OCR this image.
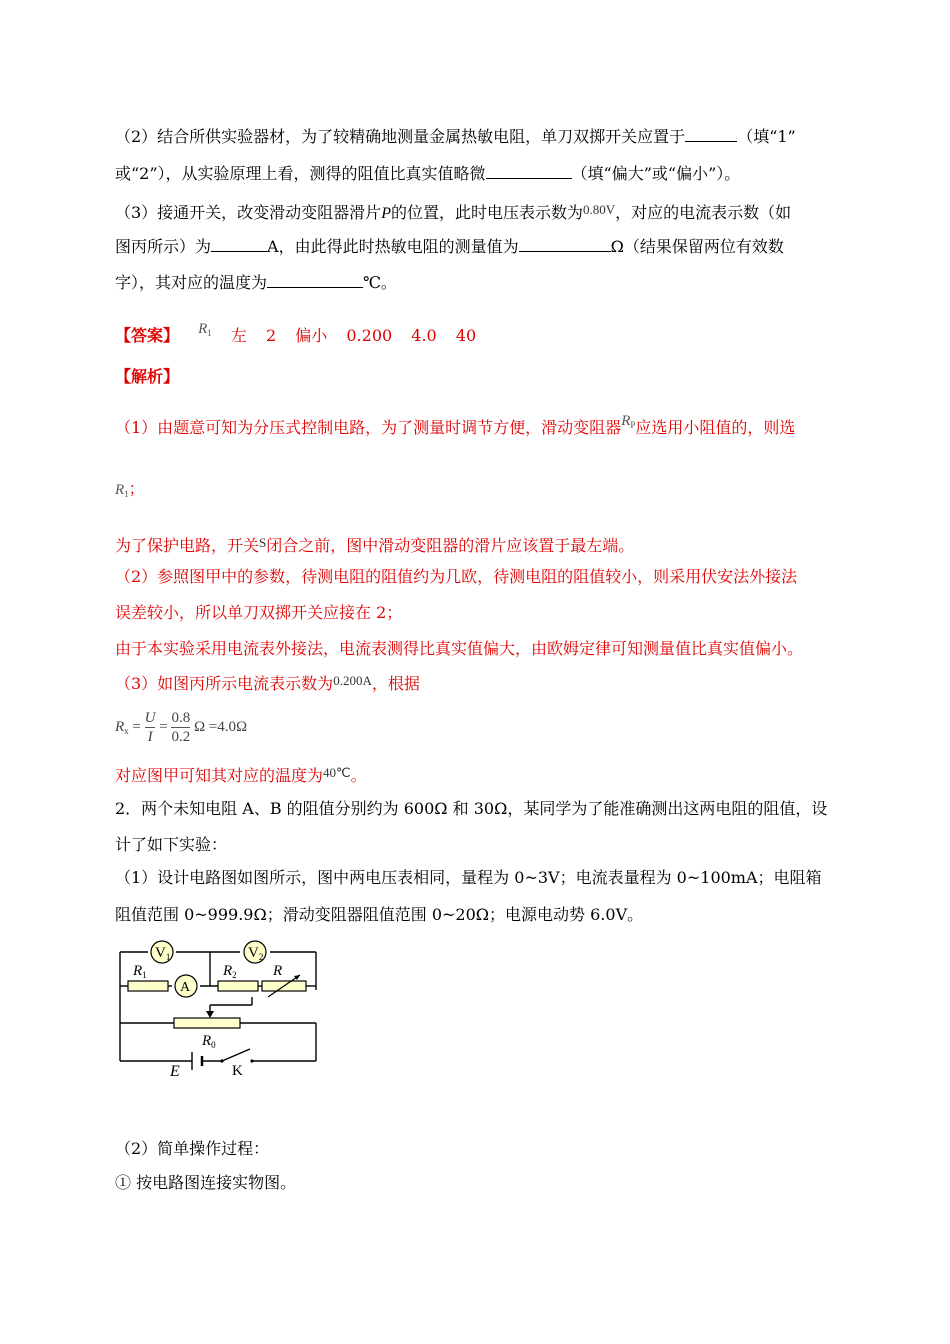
（2）结合所供实验器材，为了较精确地测量金属热敏电阻，单刀双掷开关应置于	（填“1”
或“2”），从实验原理上看，测得的阻值比真实值略微	（填“偏大”或“偏小”）。
（3）接通开关，改变滑动变阻器滑片P的位置，此时电压表示数为$^{0.80V}$，对应的电流表示数（如
图丙所示）为	A，由此得此时热敏电阻的测量值为	Ω（结果保留两位有效数
字），其对应的温度为	℃。
【答案】 $R_1$ 左 2 偏小 0.200 4.0 40
【解析】
（1）由题意可知为分压式控制电路，为了测量时调节方便，滑动变阻器$R_P$应选用小阻值的，则选
$R_1$；
为了保护电路，开关$^S$闭合之前，图中滑动变阻器的滑片应该置于最左端。
（2）参照图甲中的参数，待测电阻的阻值约为几欧，待测电阻的阻值较小，则采用伏安法外接法
误差较小，所以单刀双掷开关应接在 2；
由于本实验采用电流表外接法，电流表测得比真实值偏大，由欧姆定律可知测量值比真实值偏小。
（3）如图丙所示电流表示数为$^{0.200A}$，根据
$R_x = \frac{U}{I} = \frac{0.8}{0.2}$ Ω =4.0Ω
对应图甲可知其对应的温度为$^{40℃}$。
2．两个未知电阻 A、B 的阻值分别约为 600Ω 和 30Ω，某同学为了能准确测出这两电阻的阻值，设
计了如下实验：
（1）设计电路图如图所示，图中两电压表相同，量程为 0~3V；电流表量程为 0~100mA；电阻箱
阻值范围 0~999.9Ω；滑动变阻器阻值范围 0~20Ω；电源电动势 6.0V。
$V_1$	$V_2$
A
$R_1$	$R_2$ R
$R_0$
E	K
（2）简单操作过程：
① 按电路图连接实物图。
